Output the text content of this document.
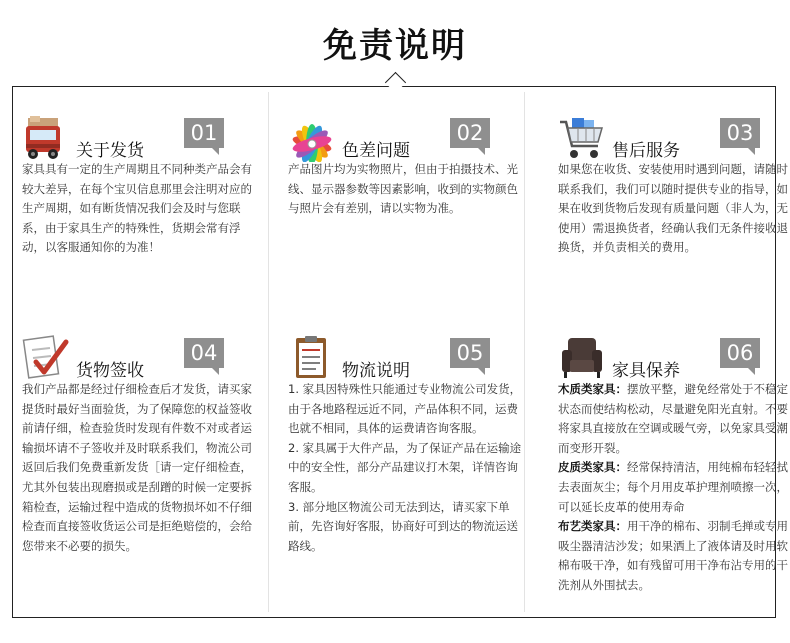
免责说明
关于发货
01
家具具有一定的生产周期且不同种类产品会有较大差异，在每个宝贝信息那里会注明对应的生产周期，如有断货情况我们会及时与您联系，由于家具生产的特殊性，货期会常有浮动，以客服通知你的为准！
色差问题
02
产品图片均为实物照片，但由于拍摄技术、光线、显示器参数等因素影响，收到的实物颜色与照片会有差别，请以实物为准。
售后服务
03
如果您在收货、安装使用时遇到问题，请随时联系我们，我们可以随时提供专业的指导，如果在收到货物后发现有质量问题（非人为，无使用）需退换货者，经确认我们无条件接收退换货，并负责相关的费用。
货物签收
04
我们产品都是经过仔细检查后才发货，请买家提货时最好当面验货，为了保障您的权益签收前请仔细，检查验货时发现有件数不对或者运输损坏请不子签收并及时联系我们，物流公司返回后我们免费重新发货［请一定仔细检查，尤其外包装出现磨损或是刮蹭的时候一定要拆箱检查，运输过程中造成的货物损坏如不仔细检查而直接签收货运公司是拒绝赔偿的，会给您带来不必要的损失。
物流说明
05

1. 家具因特殊性只能通过专业物流公司发货，由于各地路程远近不同，产品体积不同，运费也就不相同，具体的运费请咨询客服。

2. 家具属于大件产品，为了保证产品在运输途中的安全性，部分产品建议打木架，详情咨询客服。

3. 部分地区物流公司无法到达，请买家下单前，先咨询好客服，协商好可到达的物流运送路线。

家具保养
06

木质类家具：摆放平整，避免经常处于不稳定状态而使结构松动，尽量避免阳光直射。不要将家具直接放在空调或暖气旁，以免家具受潮而变形开裂。

皮质类家具：经常保持清洁，用纯棉布轻轻拭去表面灰尘；每个月用皮革护理剂喷擦一次，可以延长皮革的使用寿命

布艺类家具：用干净的棉布、羽制毛掸或专用吸尘器清洁沙发；如果洒上了液体请及时用软棉布吸干净，如有残留可用干净布沾专用的干洗剂从外围拭去。
